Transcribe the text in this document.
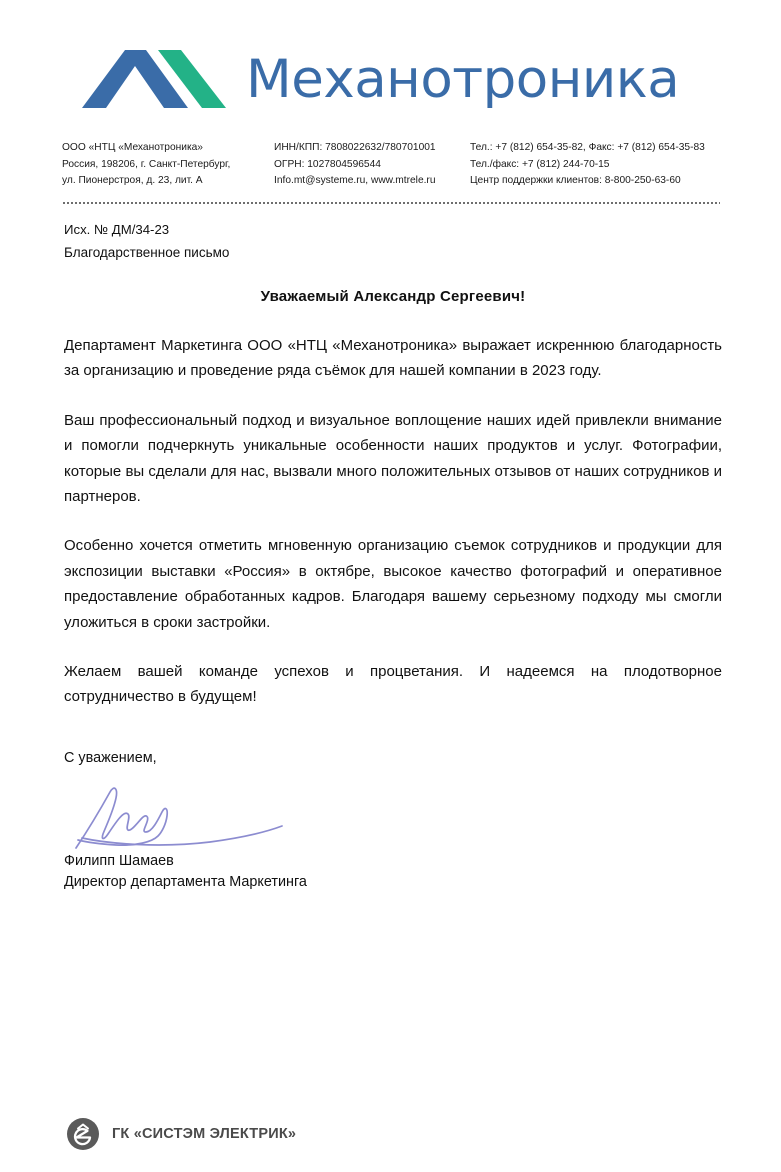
Механотроника
ООО «НТЦ «Механотроника»
Россия, 198206, г. Санкт-Петербург,
ул. Пионерстроя, д. 23, лит. А
ИНН/КПП: 7808022632/780701001
ОГРН: 1027804596544
Info.mt@systeme.ru, www.mtrele.ru
Тел.: +7 (812) 654-35-82, Факс: +7 (812) 654-35-83
Тел./факс: +7 (812) 244-70-15
Центр поддержки клиентов: 8-800-250-63-60
Исх. № ДМ/34-23
Благодарственное письмо

Уважаемый Александр Сергеевич!

Департамент Маркетинга ООО «НТЦ «Механотроника» выражает искреннюю благодарность за организацию и проведение ряда съёмок для нашей компании в 2023 году.

Ваш профессиональный подход и визуальное воплощение наших идей привлекли внимание и помогли подчеркнуть уникальные особенности наших продуктов и услуг. Фотографии, которые вы сделали для нас, вызвали много положительных отзывов от наших сотрудников и партнеров.

Особенно хочется отметить мгновенную организацию съемок сотрудников и продукции для экспозиции выставки «Россия» в октябре, высокое качество фотографий и оперативное предоставление обработанных кадров. Благодаря вашему серьезному подходу мы смогли уложиться в сроки застройки.

Желаем вашей команде успехов и процветания. И надеемся на плодотворное сотрудничество в будущем!

С уважением,
Филипп Шамаев
Директор департамента Маркетинга
ГК «СИСТЭМ ЭЛЕКТРИК»
